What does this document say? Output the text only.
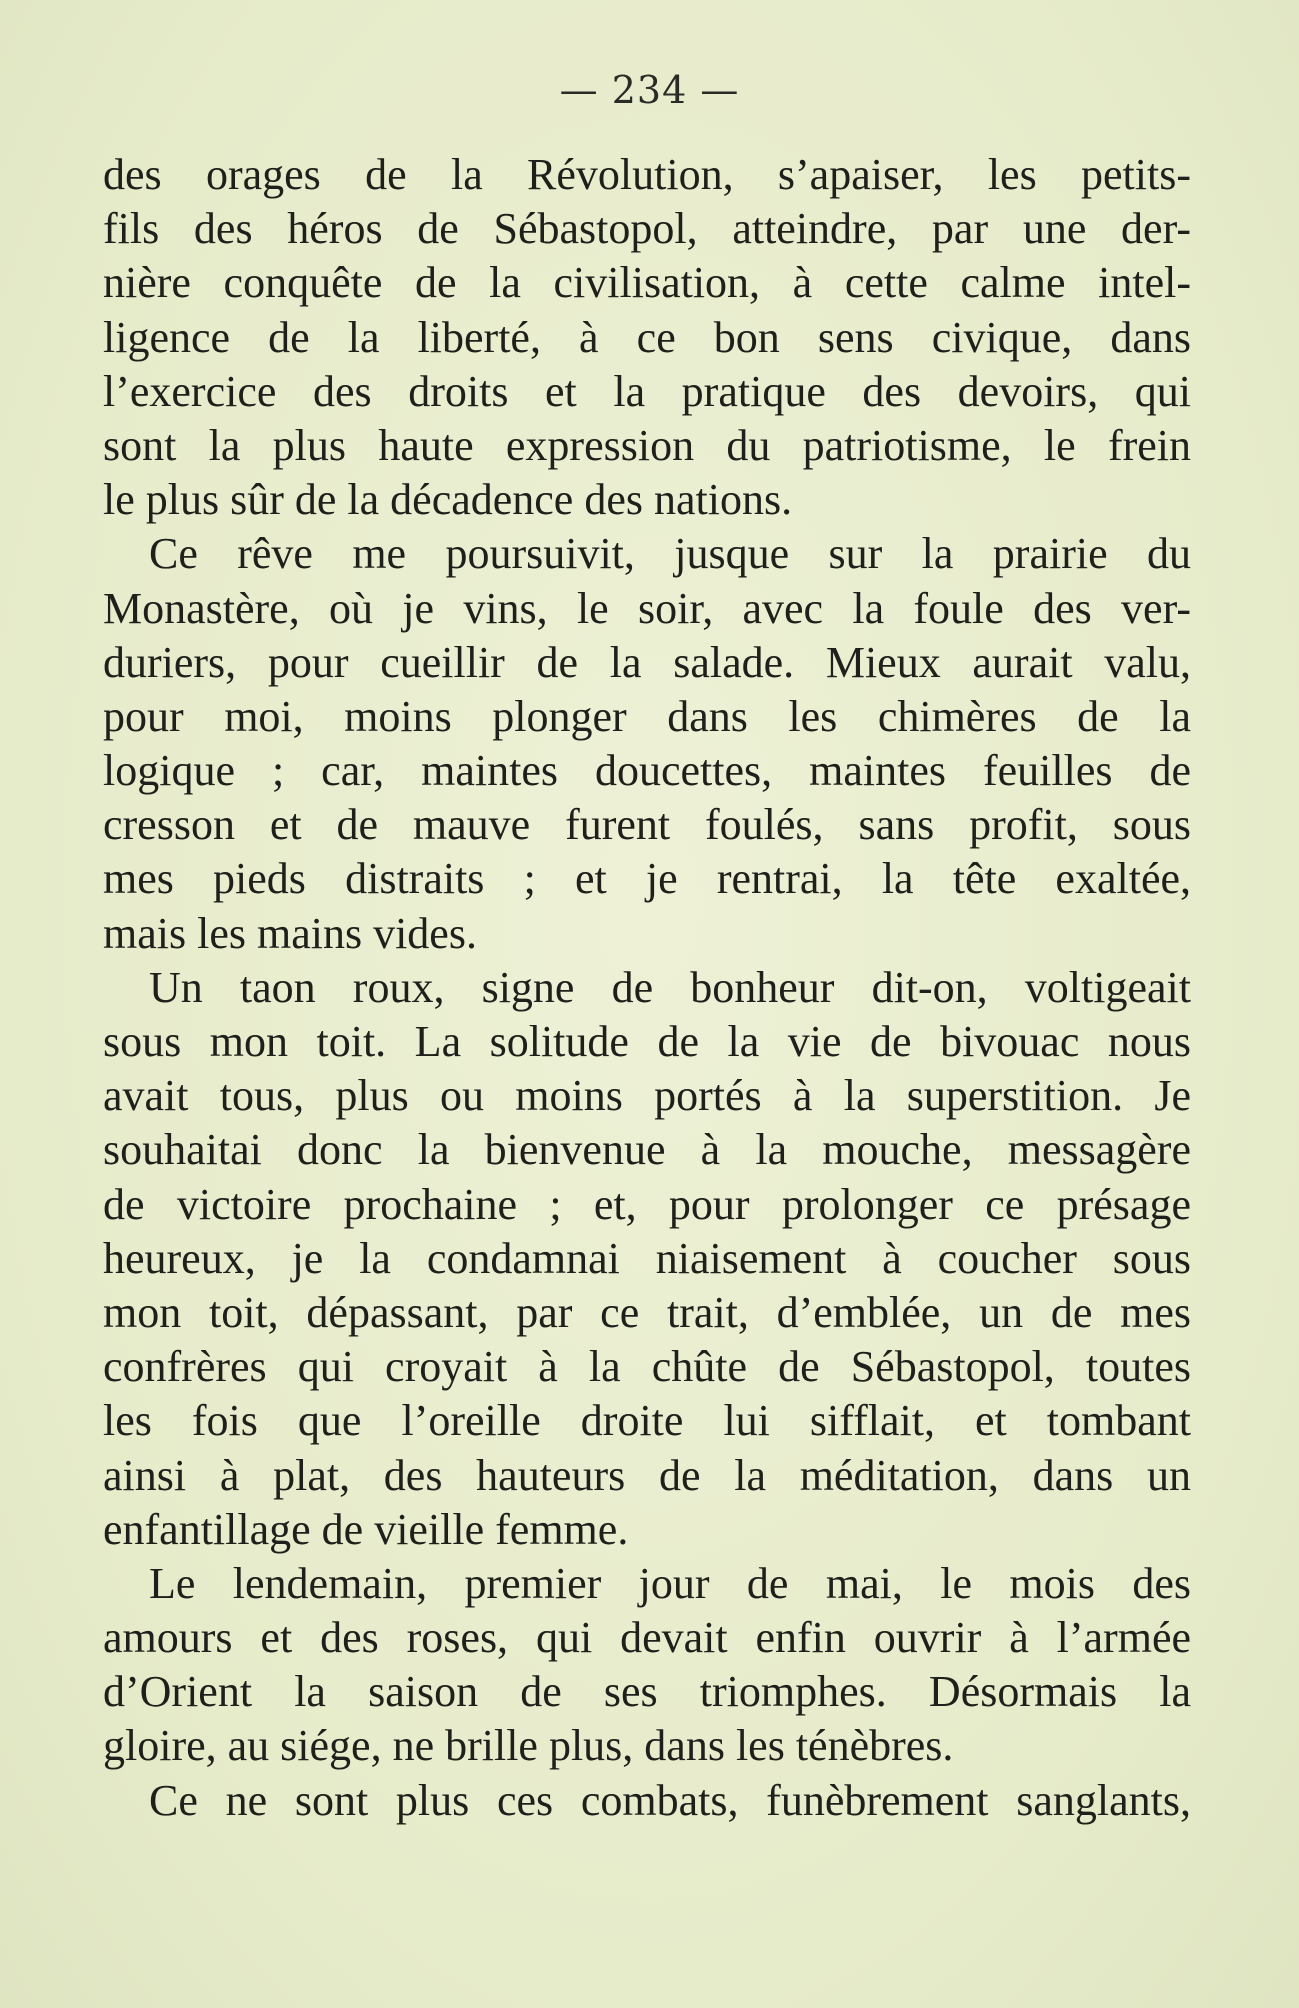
— 234 —
des orages de la Révolution, s’apaiser, les petits-
fils des héros de Sébastopol, atteindre, par une der-
nière conquête de la civilisation, à cette calme intel-
ligence de la liberté, à ce bon sens civique, dans
l’exercice des droits et la pratique des devoirs, qui
sont la plus haute expression du patriotisme, le frein
le plus sûr de la décadence des nations.
Ce rêve me poursuivit, jusque sur la prairie du
Monastère, où je vins, le soir, avec la foule des ver-
duriers, pour cueillir de la salade. Mieux aurait valu,
pour moi, moins plonger dans les chimères de la
logique ; car, maintes doucettes, maintes feuilles de
cresson et de mauve furent foulés, sans profit, sous
mes pieds distraits ; et je rentrai, la tête exaltée,
mais les mains vides.
Un taon roux, signe de bonheur dit-on, voltigeait
sous mon toit. La solitude de la vie de bivouac nous
avait tous, plus ou moins portés à la superstition. Je
souhaitai donc la bienvenue à la mouche, messagère
de victoire prochaine ; et, pour prolonger ce présage
heureux, je la condamnai niaisement à coucher sous
mon toit, dépassant, par ce trait, d’emblée, un de mes
confrères qui croyait à la chûte de Sébastopol, toutes
les fois que l’oreille droite lui sifflait, et tombant
ainsi à plat, des hauteurs de la méditation, dans un
enfantillage de vieille femme.
Le lendemain, premier jour de mai, le mois des
amours et des roses, qui devait enfin ouvrir à l’armée
d’Orient la saison de ses triomphes. Désormais la
gloire, au siége, ne brille plus, dans les ténèbres.
Ce ne sont plus ces combats, funèbrement sanglants,
